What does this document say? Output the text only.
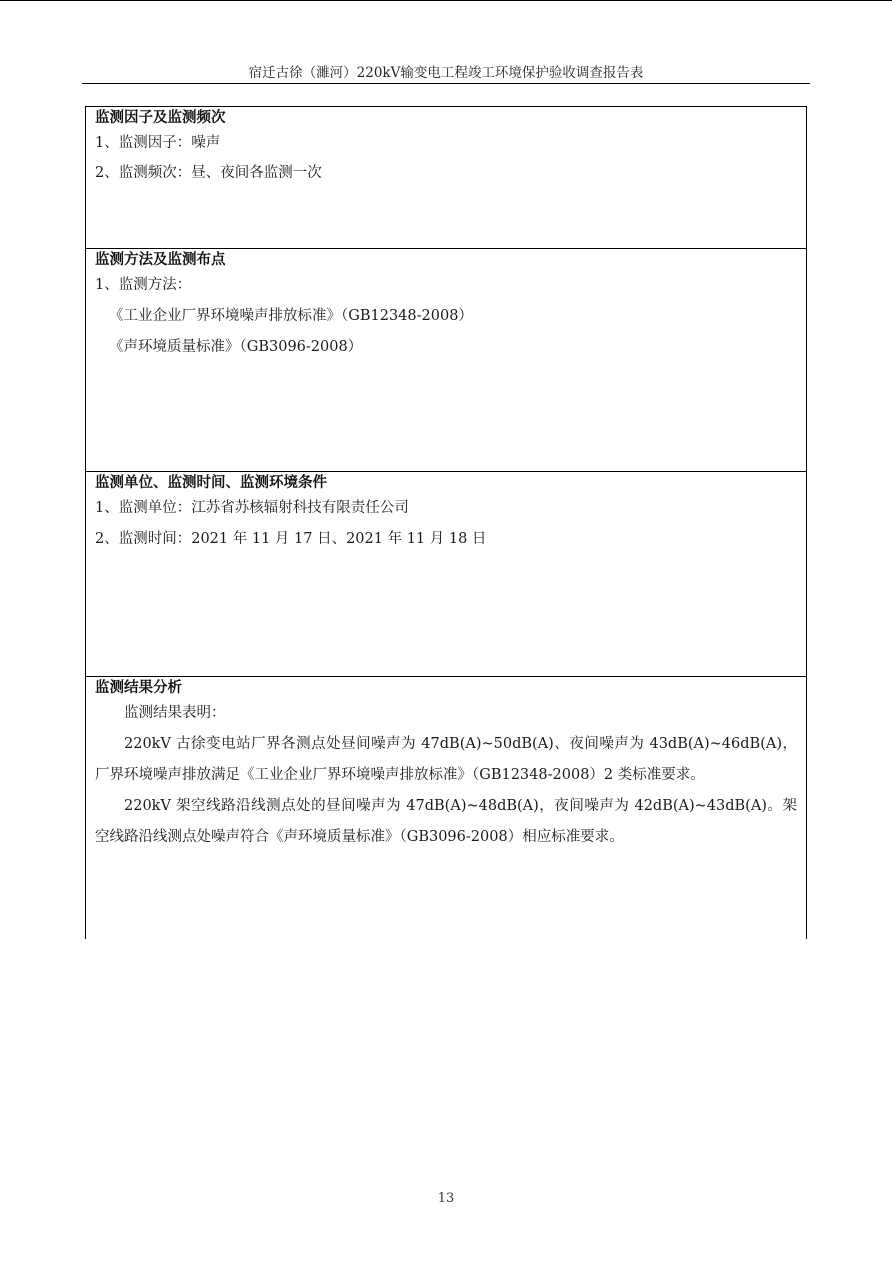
宿迁古徐（濉河）220kV输变电工程竣工环境保护验收调查报告表
监测因子及监测频次
1、监测因子：噪声
2、监测频次：昼、夜间各监测一次
监测方法及监测布点
1、监测方法：
《工业企业厂界环境噪声排放标准》（GB12348-2008）
《声环境质量标准》（GB3096-2008）
监测单位、监测时间、监测环境条件
1、监测单位：江苏省苏核辐射科技有限责任公司
2、监测时间：2021 年 11 月 17 日、2021 年 11 月 18 日
监测结果分析

监测结果表明：

220kV 古徐变电站厂界各测点处昼间噪声为 47dB(A)~50dB(A)、夜间噪声为 43dB(A)~46dB(A)，厂界环境噪声排放满足《工业企业厂界环境噪声排放标准》（GB12348-2008）2 类标准要求。

220kV 架空线路沿线测点处的昼间噪声为 47dB(A)~48dB(A)，夜间噪声为 42dB(A)~43dB(A)。架空线路沿线测点处噪声符合《声环境质量标准》（GB3096-2008）相应标准要求。

13
